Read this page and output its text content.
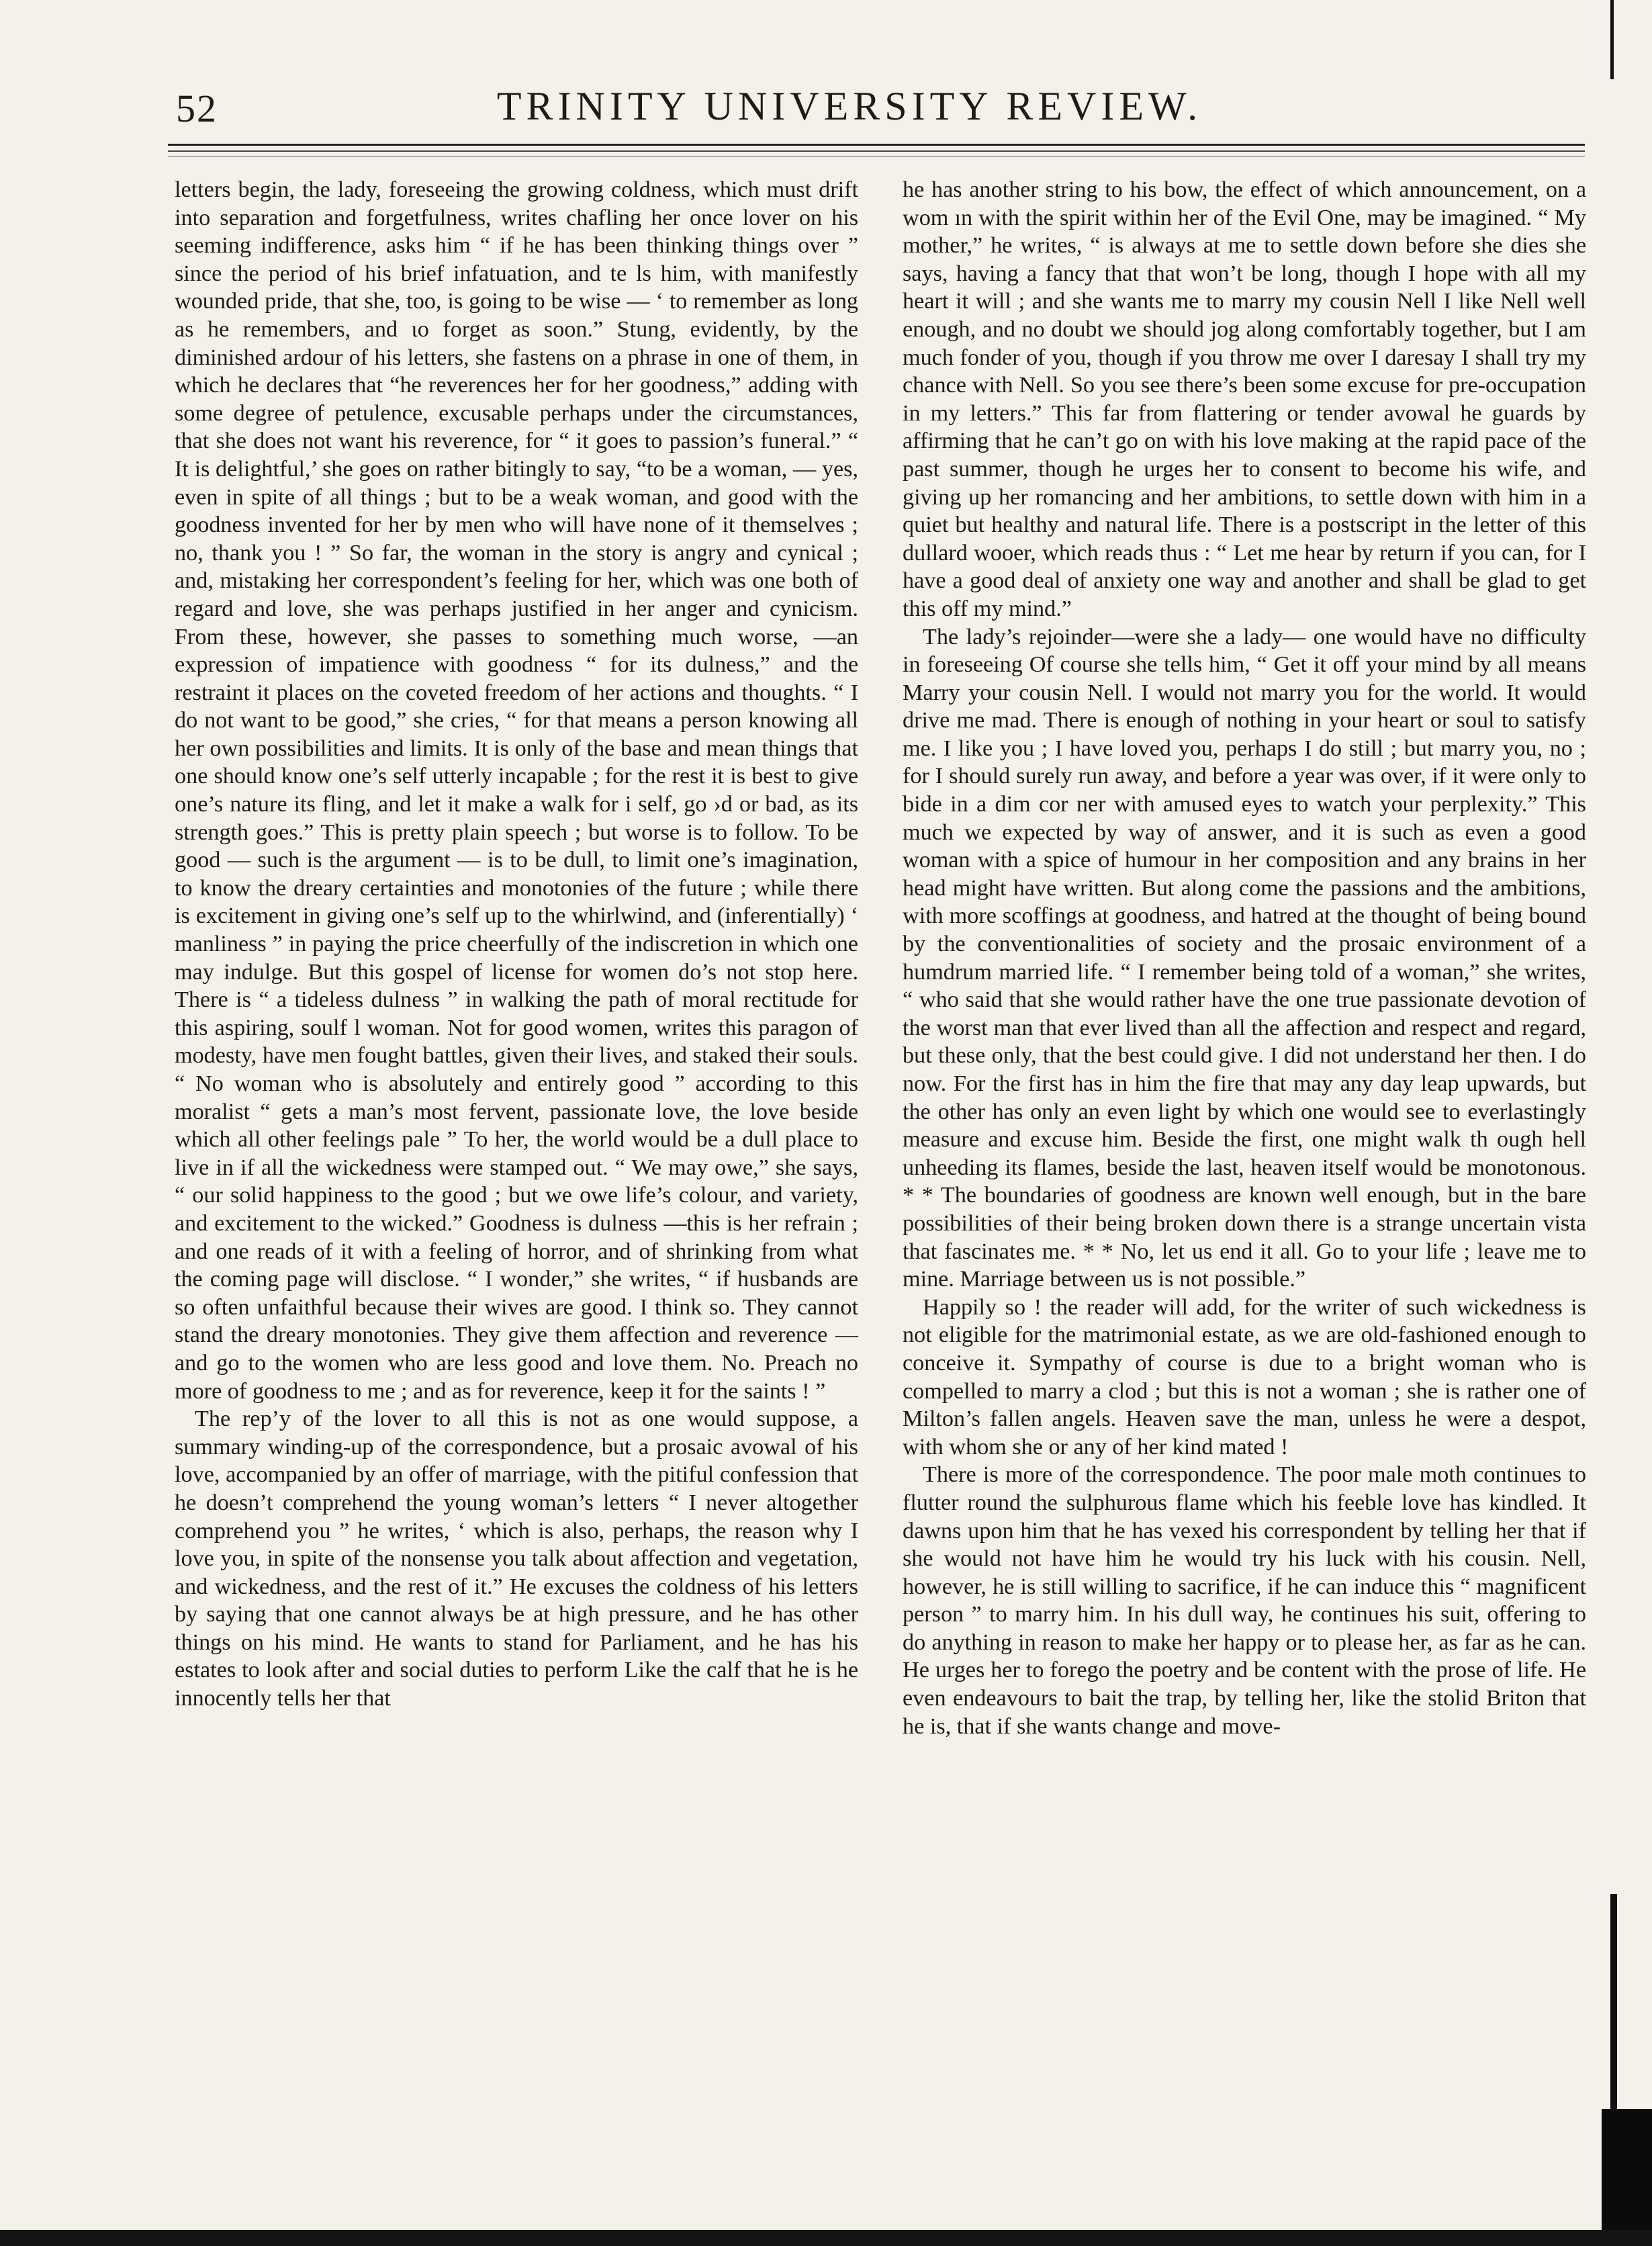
52	TRINITY UNIVERSITY REVIEW.

letters begin, the lady, foreseeing the growing coldness, which must drift into separation and forgetfulness, writes chafling her once lover on his seeming indifference, asks him “ if he has been thinking things over ” since the period of his brief infatuation, and te ls him, with manifestly wounded pride, that she, too, is going to be wise — ‘ to remember as long as he remembers, and ιo forget as soon.” Stung, evidently, by the diminished ardour of his letters, she fastens on a phrase in one of them, in which he declares that “he reverences her for her goodness,” adding with some degree of petulence, excusable perhaps under the circumstances, that she does not want his reverence, for “ it goes to passion’s funeral.” “ It is delightful,’ she goes on rather bitingly to say, “to be a woman, — yes, even in spite of all things ; but to be a weak woman, and good with the goodness invented for her by men who will have none of it themselves ; no, thank you ! ” So far, the woman in the story is angry and cynical ; and, mistaking her correspondent’s feeling for her, which was one both of regard and love, she was perhaps justified in her anger and cynicism. From these, however, she passes to something much worse, —an expression of impatience with goodness “ for its dulness,” and the restraint it places on the coveted freedom of her actions and thoughts. “ I do not want to be good,” she cries, “ for that means a person knowing all her own possibilities and limits. It is only of the base and mean things that one should know one’s self utterly incapable ; for the rest it is best to give one’s nature its fling, and let it make a walk for i self, go ›d or bad, as its strength goes.” This is pretty plain speech ; but worse is to follow. To be good — such is the argument — is to be dull, to limit one’s imagination, to know the dreary certainties and monotonies of the future ; while there is excitement in giving one’s self up to the whirlwind, and (inferentially) ‘ manliness ” in paying the price cheerfully of the indiscretion in which one may indulge. But this gospel of license for women do’s not stop here. There is “ a tideless dulness ” in walking the path of moral rectitude for this aspiring, soulf l woman. Not for good women, writes this paragon of modesty, have men fought battles, given their lives, and staked their souls. “ No woman who is absolutely and entirely good ” according to this moralist “ gets a man’s most fervent, passionate love, the love beside which all other feelings pale ” To her, the world would be a dull place to live in if all the wickedness were stamped out. “ We may owe,” she says, “ our solid happiness to the good ; but we owe life’s colour, and variety, and excitement to the wicked.” Goodness is dulness —this is her refrain ; and one reads of it with a feeling of horror, and of shrinking from what the coming page will disclose. “ I wonder,” she writes, “ if husbands are so often unfaithful because their wives are good. I think so. They cannot stand the dreary monotonies. They give them affection and reverence —and go to the women who are less good and love them. No. Preach no more of goodness to me ; and as for reverence, keep it for the saints ! ”

The rep’y of the lover to all this is not as one would suppose, a summary winding-up of the correspondence, but a prosaic avowal of his love, accompanied by an offer of marriage, with the pitiful confession that he doesn’t comprehend the young woman’s letters “ I never altogether comprehend you ” he writes, ‘ which is also, perhaps, the reason why I love you, in spite of the nonsense you talk about affection and vegetation, and wickedness, and the rest of it.” He excuses the coldness of his letters by saying that one cannot always be at high pressure, and he has other things on his mind. He wants to stand for Parliament, and he has his estates to look after and social duties to perform Like the calf that he is he innocently tells her that

he has another string to his bow, the effect of which announcement, on a wom ın with the spirit within her of the Evil One, may be imagined. “ My mother,” he writes, “ is always at me to settle down before she dies she says, having a fancy that that won’t be long, though I hope with all my heart it will ; and she wants me to marry my cousin Nell I like Nell well enough, and no doubt we should jog along comfortably together, but I am much fonder of you, though if you throw me over I daresay I shall try my chance with Nell. So you see there’s been some excuse for pre-occupation in my letters.” This far from flattering or tender avowal he guards by affirming that he can’t go on with his love making at the rapid pace of the past summer, though he urges her to consent to become his wife, and giving up her romancing and her ambitions, to settle down with him in a quiet but healthy and natural life. There is a postscript in the letter of this dullard wooer, which reads thus : “ Let me hear by return if you can, for I have a good deal of anxiety one way and another and shall be glad to get this off my mind.”

The lady’s rejoinder—were she a lady— one would have no difficulty in foreseeing Of course she tells him, “ Get it off your mind by all means Marry your cousin Nell. I would not marry you for the world. It would drive me mad. There is enough of nothing in your heart or soul to satisfy me. I like you ; I have loved you, perhaps I do still ; but marry you, no ; for I should surely run away, and before a year was over, if it were only to bide in a dim cor ner with amused eyes to watch your perplexity.” This much we expected by way of answer, and it is such as even a good woman with a spice of humour in her composition and any brains in her head might have written. But along come the passions and the ambitions, with more scoffings at goodness, and hatred at the thought of being bound by the conventionalities of society and the prosaic environment of a humdrum married life. “ I remember being told of a woman,” she writes, “ who said that she would rather have the one true passionate devotion of the worst man that ever lived than all the affection and respect and regard, but these only, that the best could give. I did not understand her then. I do now. For the first has in him the fire that may any day leap upwards, but the other has only an even light by which one would see to everlastingly measure and excuse him. Beside the first, one might walk th ough hell unheeding its flames, beside the last, heaven itself would be monotonous. * * The boundaries of goodness are known well enough, but in the bare possibilities of their being broken down there is a strange uncertain vista that fascinates me. * * No, let us end it all. Go to your life ; leave me to mine. Marriage between us is not possible.”

Happily so ! the reader will add, for the writer of such wickedness is not eligible for the matrimonial estate, as we are old-fashioned enough to conceive it. Sympathy of course is due to a bright woman who is compelled to marry a clod ; but this is not a woman ; she is rather one of Milton’s fallen angels. Heaven save the man, unless he were a despot, with whom she or any of her kind mated !

There is more of the correspondence. The poor male moth continues to flutter round the sulphurous flame which his feeble love has kindled. It dawns upon him that he has vexed his correspondent by telling her that if she would not have him he would try his luck with his cousin. Nell, however, he is still willing to sacrifice, if he can induce this “ magnificent person ” to marry him. In his dull way, he continues his suit, offering to do anything in reason to make her happy or to please her, as far as he can. He urges her to forego the poetry and be content with the prose of life. He even endeavours to bait the trap, by telling her, like the stolid Briton that he is, that if she wants change and move-
